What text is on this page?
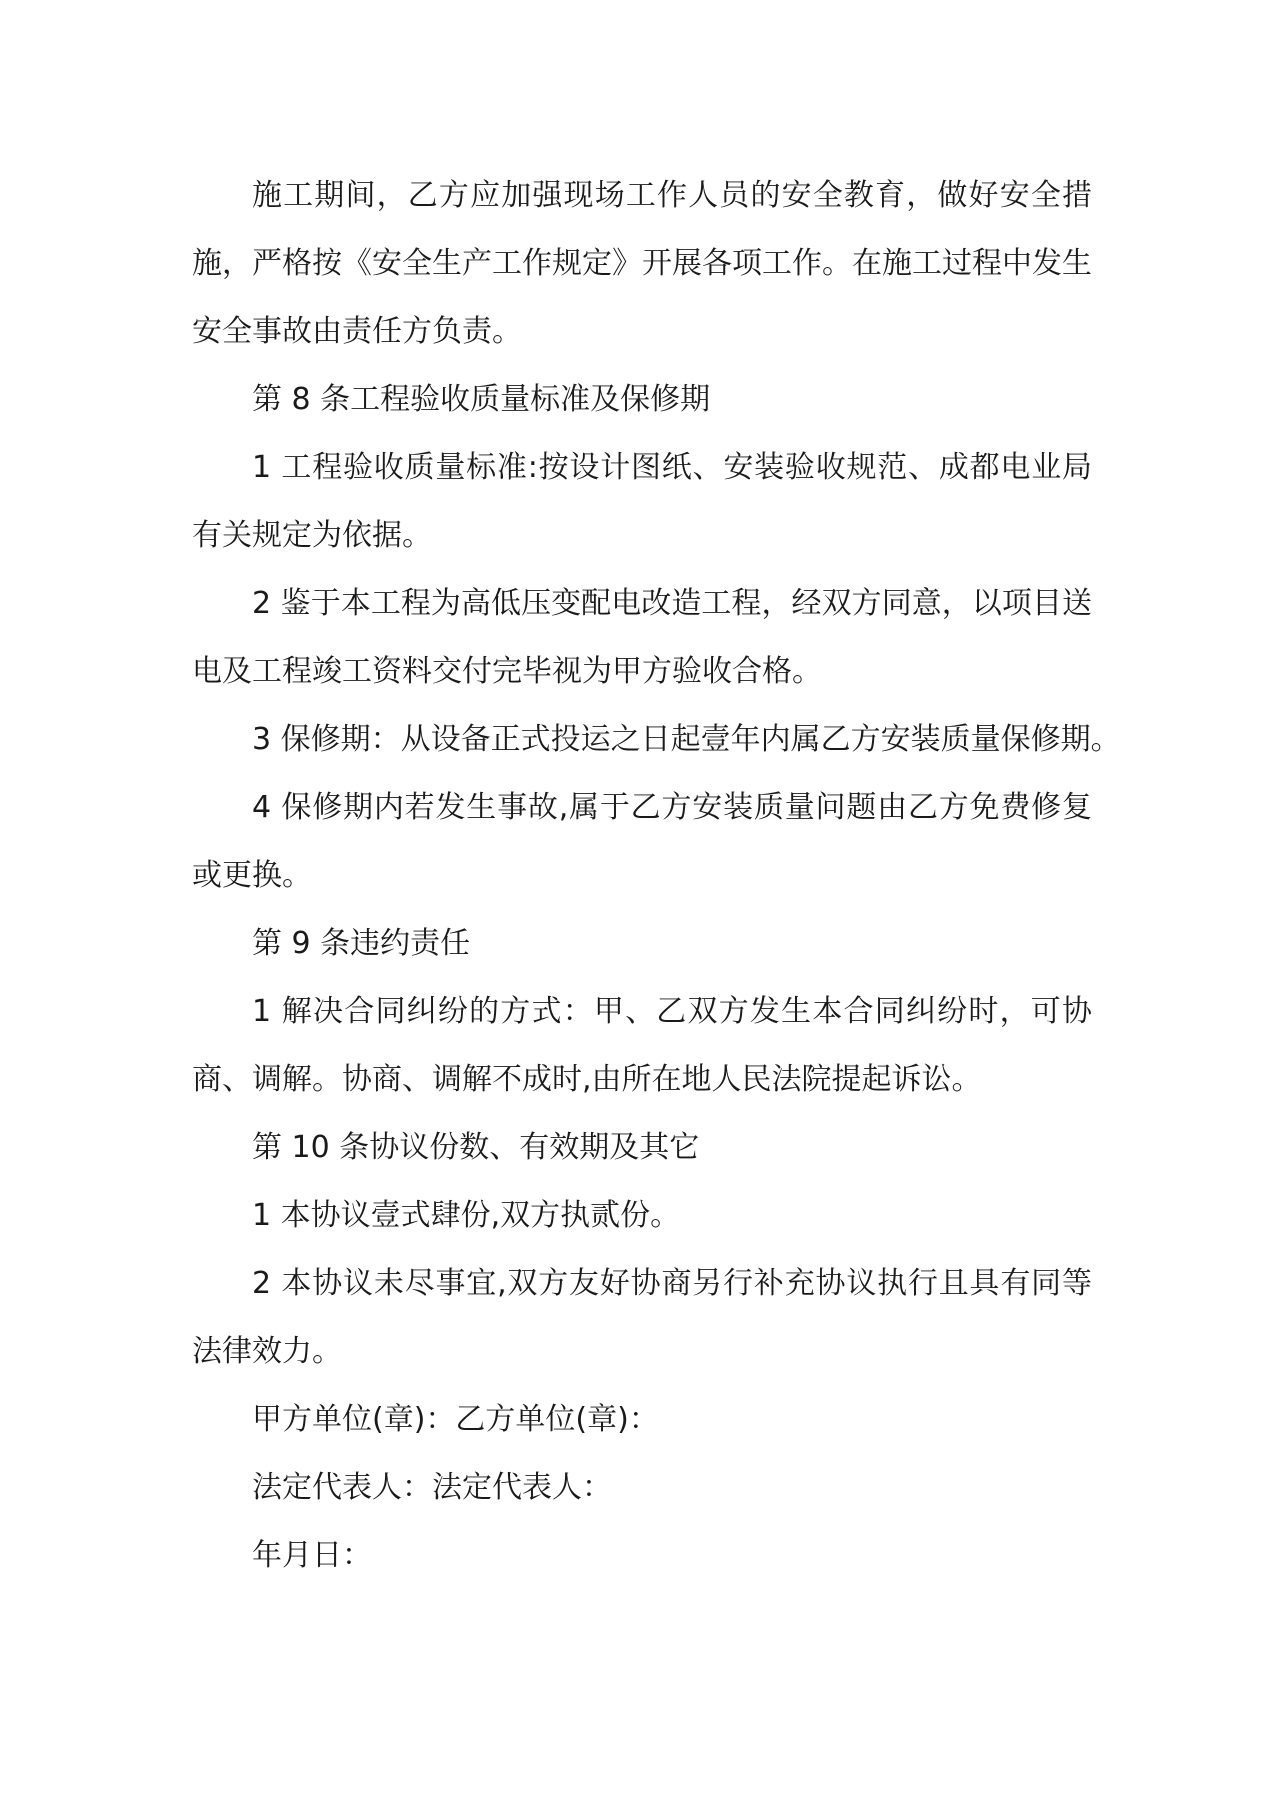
施工期间，乙方应加强现场工作人员的安全教育，做好安全措施，严格按《安全生产工作规定》开展各项工作。在施工过程中发生安全事故由责任方负责。

第 8 条工程验收质量标准及保修期

1 工程验收质量标准:按设计图纸、安装验收规范、成都电业局有关规定为依据。

2 鉴于本工程为高低压变配电改造工程，经双方同意，以项目送电及工程竣工资料交付完毕视为甲方验收合格。

3 保修期：从设备正式投运之日起壹年内属乙方安装质量保修期。

4 保修期内若发生事故,属于乙方安装质量问题由乙方免费修复或更换。

第 9 条违约责任

1 解决合同纠纷的方式：甲、乙双方发生本合同纠纷时，可协商、调解。协商、调解不成时,由所在地人民法院提起诉讼。

第 10 条协议份数、有效期及其它

1 本协议壹式肆份,双方执贰份。

2 本协议未尽事宜,双方友好协商另行补充协议执行且具有同等法律效力。

甲方单位(章)：乙方单位(章)：

法定代表人：法定代表人：

年月日：
